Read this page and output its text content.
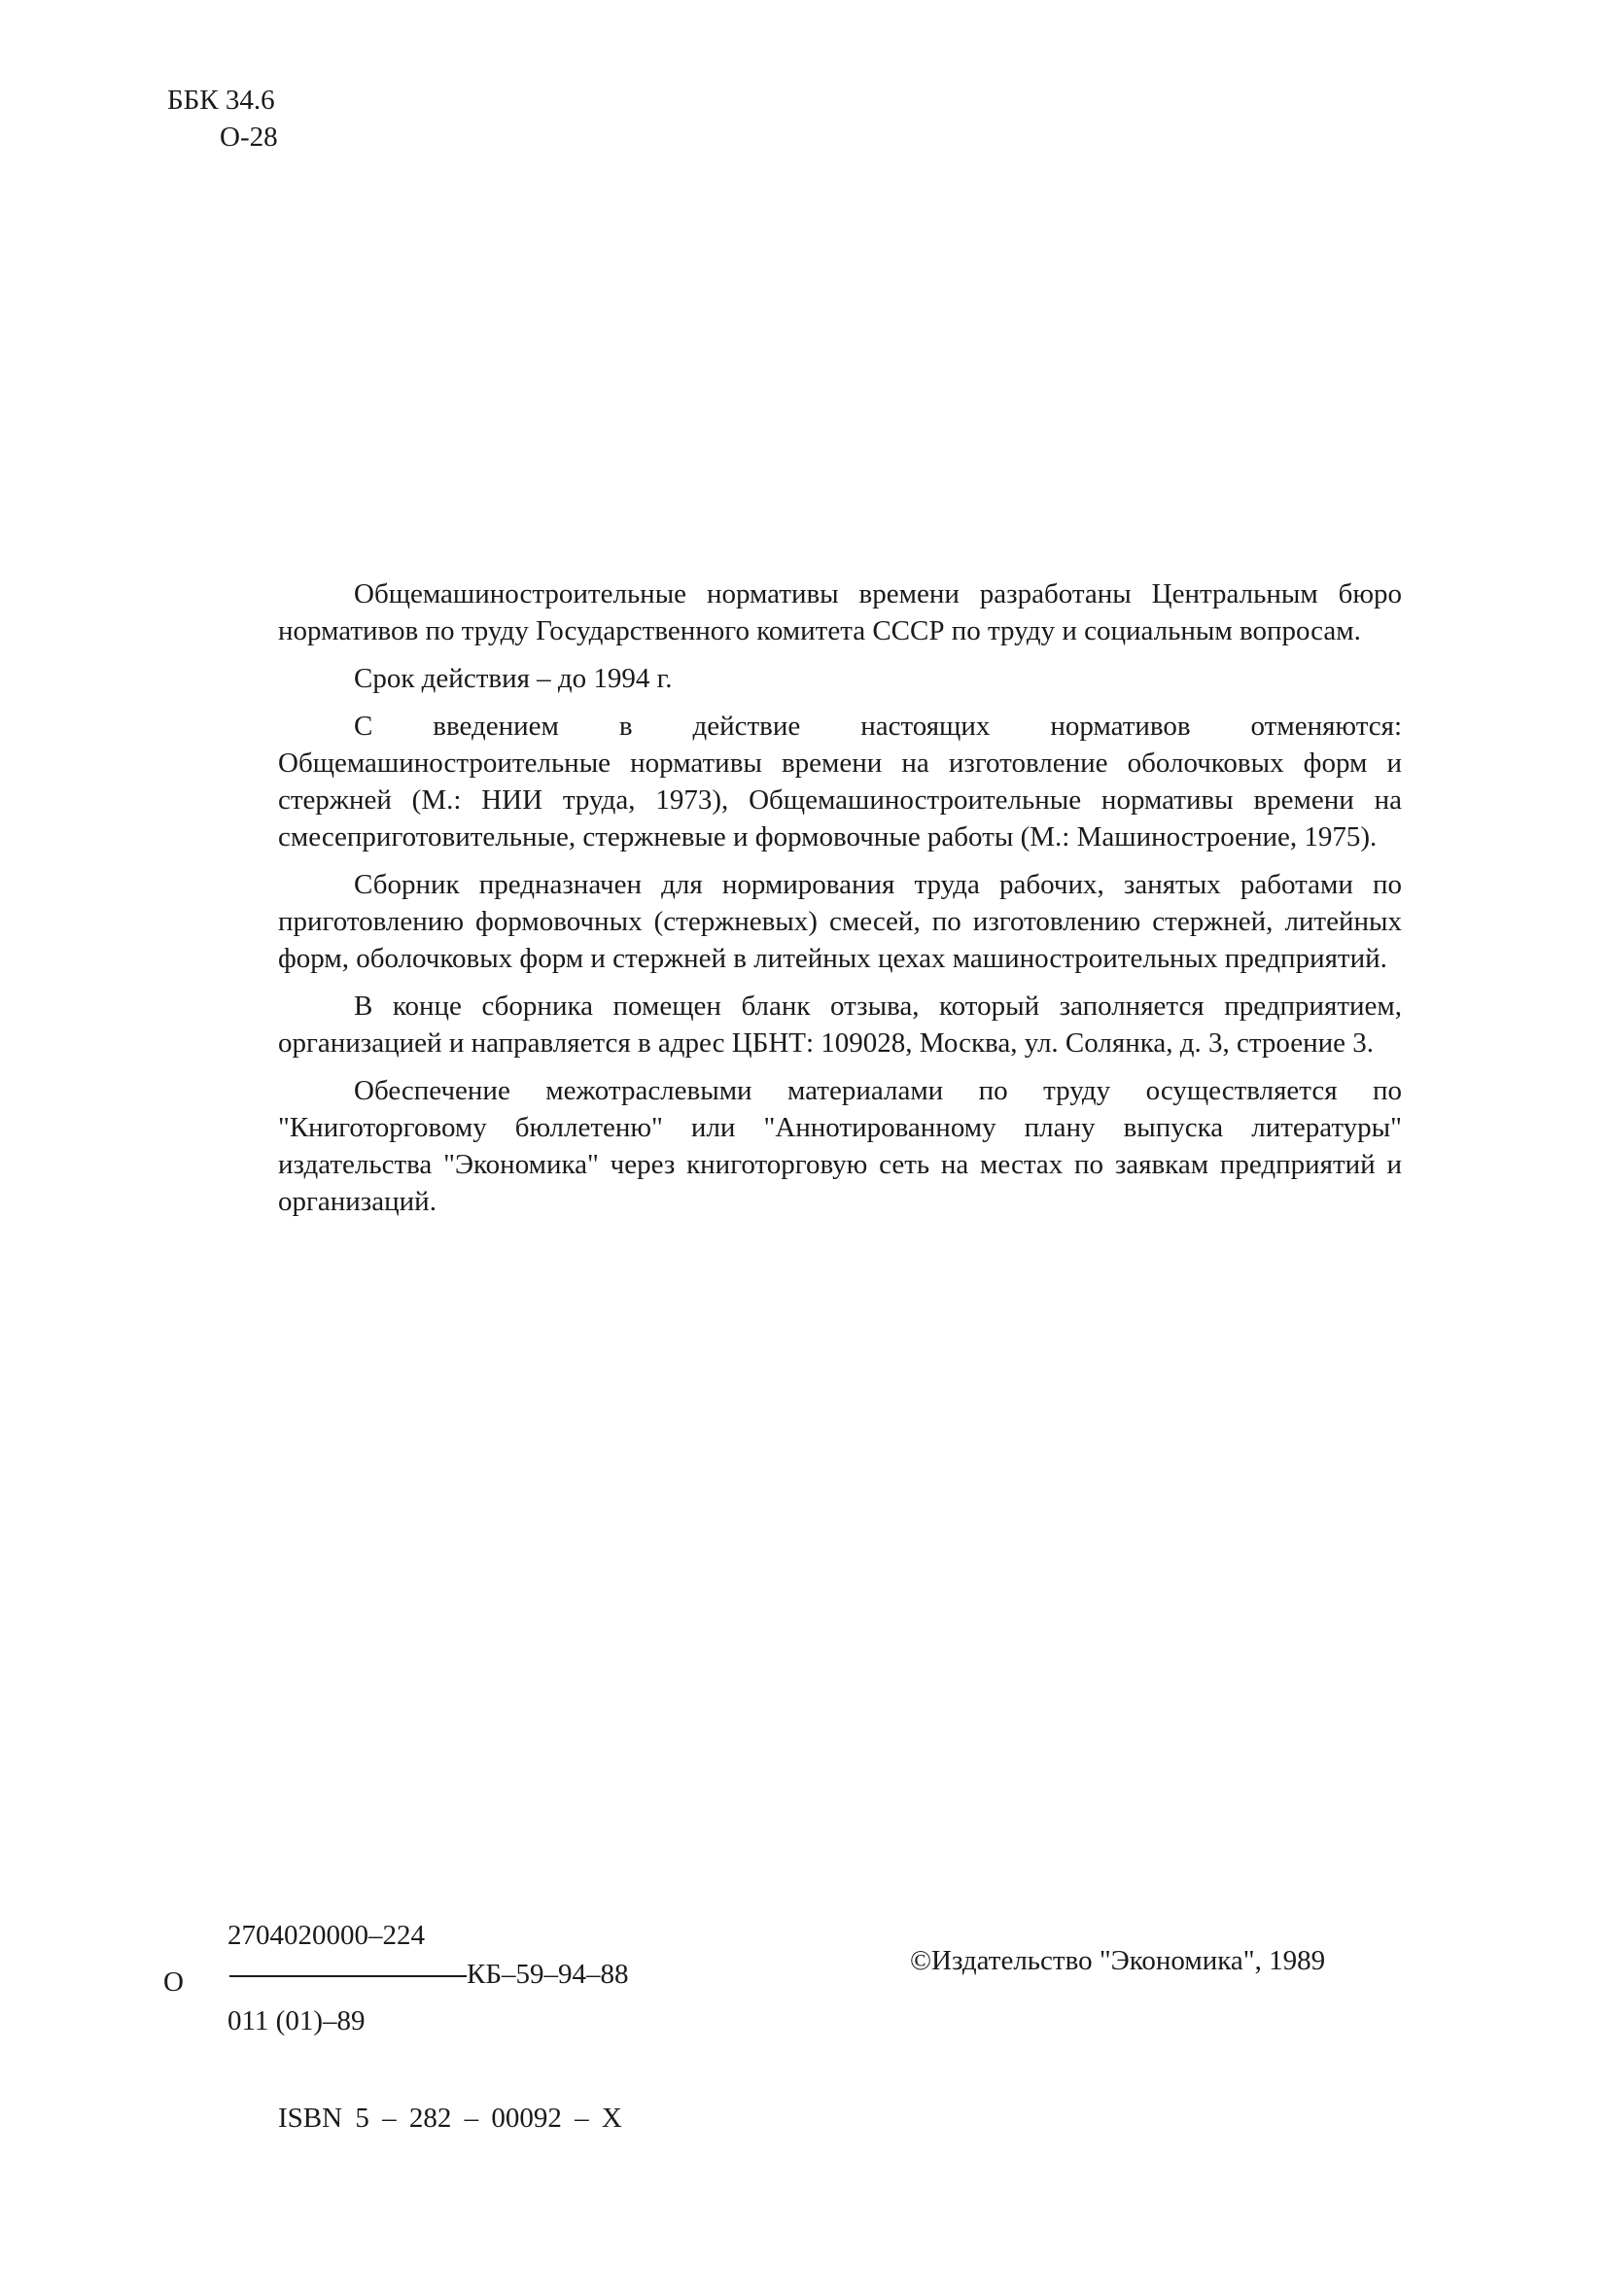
ББК 34.6
О-28

Общемашиностроительные нормативы времени разработаны Центральным бюро нормативов по труду Государственного комитета СССР по труду и социальным вопросам.

Срок действия – до 1994 г.

С введением в действие настоящих нормативов отменяются: Общемашиностроительные нормативы времени на изготовление оболочковых форм и стержней (М.: НИИ труда, 1973), Общемашиностроительные нормативы времени на смесеприготовительные, стержневые и формовочные работы (М.: Машиностроение, 1975).

Сборник предназначен для нормирования труда рабочих, занятых работами по приготовлению формовочных (стержневых) смесей, по изготовлению стержней, литейных форм, оболочковых форм и стержней в литейных цехах машиностроительных предприятий.

В конце сборника помещен бланк отзыва, который заполняется предприятием, организацией и направляется в адрес ЦБНТ: 109028, Москва, ул. Солянка, д. 3, строение 3.

Обеспечение межотраслевыми материалами по труду осуществляется по "Книготорговому бюллетеню" или "Аннотированному плану выпуска литературы" издательства "Экономика" через книготорговую сеть на местах по заявкам предприятий и организаций.

О
2704020000–224
КБ–59–94–88
011 (01)–89
©Издательство "Экономика", 1989
ISBN 5 – 282 – 00092 – X
